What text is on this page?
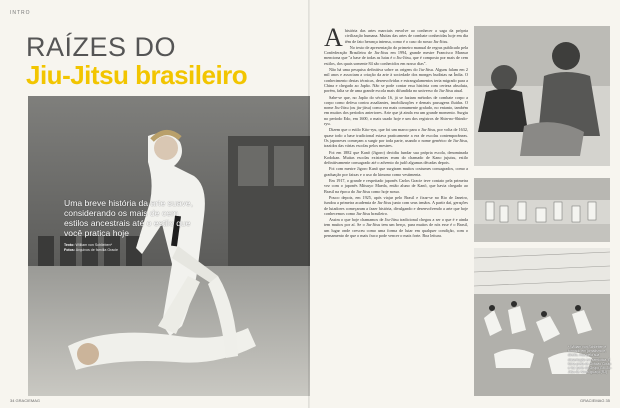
INTRO
RAÍZES DO
Jiu-Jitsu brasileiro

Uma breve história da arte suave, considerando os mais de cem estilos ancestrais até o estilo que você pratica hoje

Texto: William von Schlieben*
Fotos: Arquivos de família Gracie
34 GRACIEMAG

Ahistória das artes marciais envolve ao conhecer a saga da própria civilização humana. Muitas das artes de combate conhecidas hoje em dia têm de fato herança intensa, como é o caso do nosso Jiu-Jitsu.

No texto de apresentação do primeiro manual de regras publicado pela Confederação Brasileira de Jiu-Jitsu em 1994, grande mestre Francisco Mansur menciona que "a base de todas as lutas é o Jiu-Jitsu, que é composto por mais de cem estilos, dos quais somente 84 são conhecidos em nosso dias".

Não há uma pesquisa definitiva sobre as origens do Jiu-Jitsu. Alguns falam em 2 mil anos e associam a criação da arte à sociedade dos monges budistas na Índia. O conhecimento destas técnicas, desenvolvidas e estrangulamentos teria migrado para a China e chegado ao Japão. Não se pode contar essa história com certeza absoluta, porém, falta se de uma grande escola mais difundida no universo do Jiu-Jitsu atual.

Sabe-se que, no Japão do século 16, já se faziam métodos de combate corpo a corpo como defesa contra assaltantes, imobilizações e demais passagens fluidas. O nome Jiu-Jitsu (ou jiu-jitsu) como era mais comumente grafado, no entanto, também em muitos dos períodos anteriores. Arte que já ainda era um grande momento. Surgiu no período Edo, em 1600, o mais usado hoje e um dos registros de Shin-no-Shindo-ryu.

Dizem que o estilo Kito-ryu, que foi um marco para o Jiu-Jitsu, por volta de 1632, quase todo a base tradicional estava praticamente a era de escolas contemporâneas. Os japoneses começam a surgir por toda parte, usando o nome genérico de Jiu-Jitsu, trazidos das várias escolas pelos mestres.

Foi em 1882 que Kanō (Jigoro) decidiu fundar sua própria escola, denominada Kodokan. Muitas escolas existentes eram do chamado de Kano jujutsu, estilo definitivamente consagrado até o advento do judô algumas décadas depois.

Foi com mestre Jigoro Kanō que surgiram muitos costumes consagrados, como a graduação por faixas e o uso do kimono como vestimenta.

Em 1917, o grande e respeitado japonês Carlos Gracie teve contato pela primeira vez com o japonês Mitsuyo Maeda, então aluno de Kanō, que havia chegado ao Brasil na época do Jiu-Jitsu como hoje nosso.

Pouco depois, em 1925, após viajar pelo Brasil e fixar-se no Rio de Janeiro, fundou a primeira academia de Jiu-Jitsu junto com seus irmãos. A partir daí, gerações de lutadores começaram a fazer história, divulgando e desenvolvendo a arte que hoje conhecemos como Jiu-Jitsu brasileiro.

Assim o que hoje chamamos de Jiu-Jitsu tradicional chegou a ser o que é e ainda tem muitos por aí. Se o Jiu-Jitsu tem um berço, para muitos de nós esse é o Brasil, um lugar onde cresceu como uma forma de lutar em qualquer condição, com o pensamento de que o mais fraco pode vencer o mais forte. Boa leitura.

* William von Schlieben é formado em jornalismo e, direito, mas pela sua dissertação em semiótica. É faixa-preta de Octavio Couto e faz parte do Grupo GM Jiu-Jitsu de Nova Iguaçu (RJ)
GRACIEMAG 35
